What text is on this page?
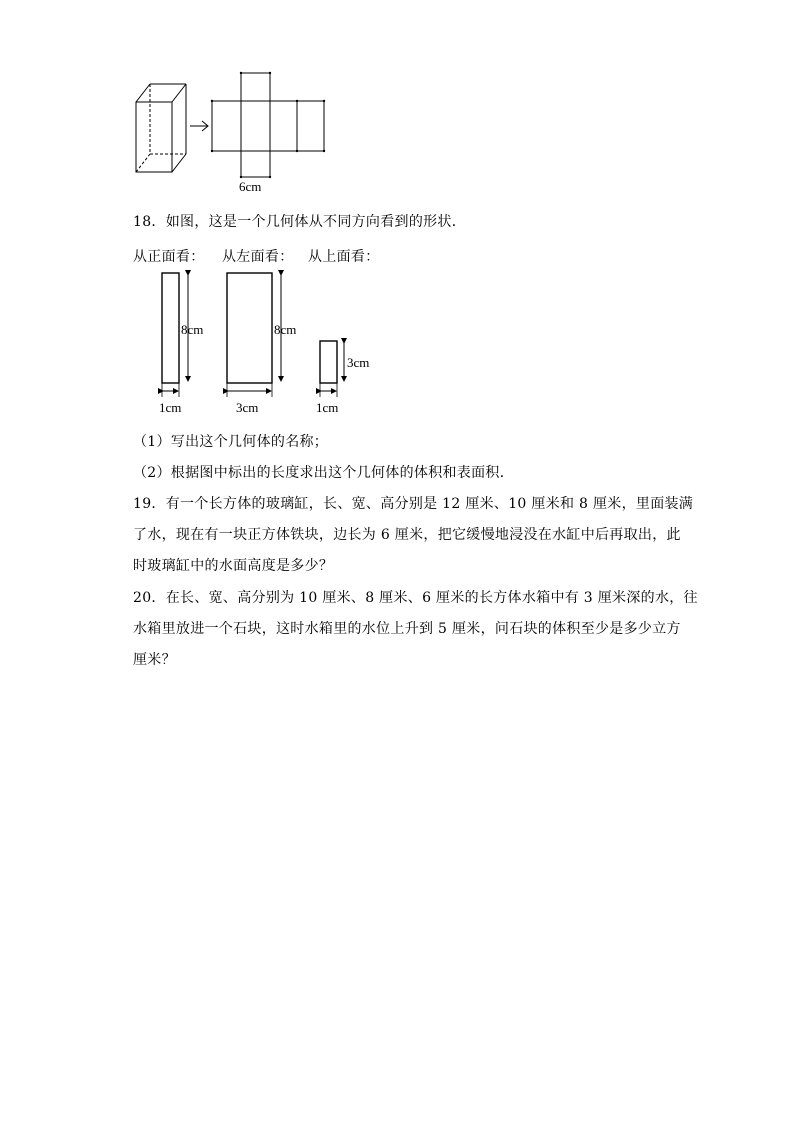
6cm
18．如图，这是一个几何体从不同方向看到的形状．
从正面看： 从左面看： 从上面看：
8cm
1cm
8cm
3cm
3cm
1cm
（1）写出这个几何体的名称；
（2）根据图中标出的长度求出这个几何体的体积和表面积．
19．有一个长方体的玻璃缸，长、宽、高分别是 12 厘米、10 厘米和 8 厘米，里面装满
了水，现在有一块正方体铁块，边长为 6 厘米，把它缓慢地浸没在水缸中后再取出，此
时玻璃缸中的水面高度是多少？
20．在长、宽、高分别为 10 厘米、8 厘米、6 厘米的长方体水箱中有 3 厘米深的水，往
水箱里放进一个石块，这时水箱里的水位上升到 5 厘米，问石块的体积至少是多少立方
厘米？
